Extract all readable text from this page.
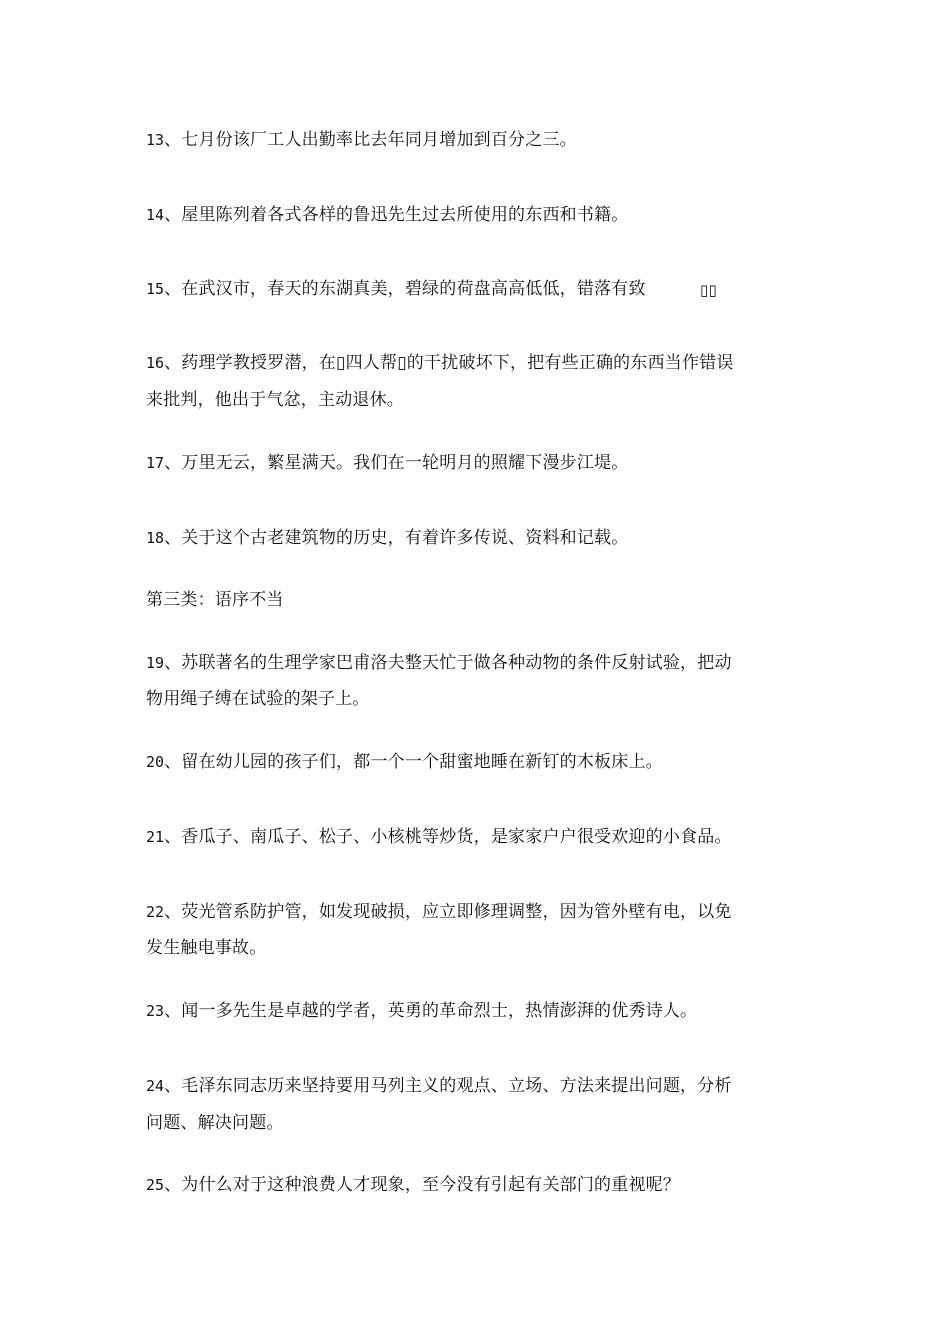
13、七月份该厂工人出勤率比去年同月增加到百分之三。
14、屋里陈列着各式各样的鲁迅先生过去所使用的东西和书籍。
15、在武汉市，春天的东湖真美，碧绿的荷盘高高低低，错落有致	▯▯
16、药理学教授罗潜，在▯四人帮▯的干扰破坏下，把有些正确的东西当作错误
来批判，他出于气忿，主动退休。
17、万里无云，繁星满天。我们在一轮明月的照耀下漫步江堤。
18、关于这个古老建筑物的历史，有着许多传说、资料和记载。
第三类：语序不当
19、苏联著名的生理学家巴甫洛夫整天忙于做各种动物的条件反射试验，把动
物用绳子缚在试验的架子上。
20、留在幼儿园的孩子们，都一个一个甜蜜地睡在新钉的木板床上。
21、香瓜子、南瓜子、松子、小核桃等炒货，是家家户户很受欢迎的小食品。
22、荧光管系防护管，如发现破损，应立即修理调整，因为管外壁有电，以免
发生触电事故。
23、闻一多先生是卓越的学者，英勇的革命烈士，热情澎湃的优秀诗人。
24、毛泽东同志历来坚持要用马列主义的观点、立场、方法来提出问题，分析
问题、解决问题。
25、为什么对于这种浪费人才现象，至今没有引起有关部门的重视呢？
